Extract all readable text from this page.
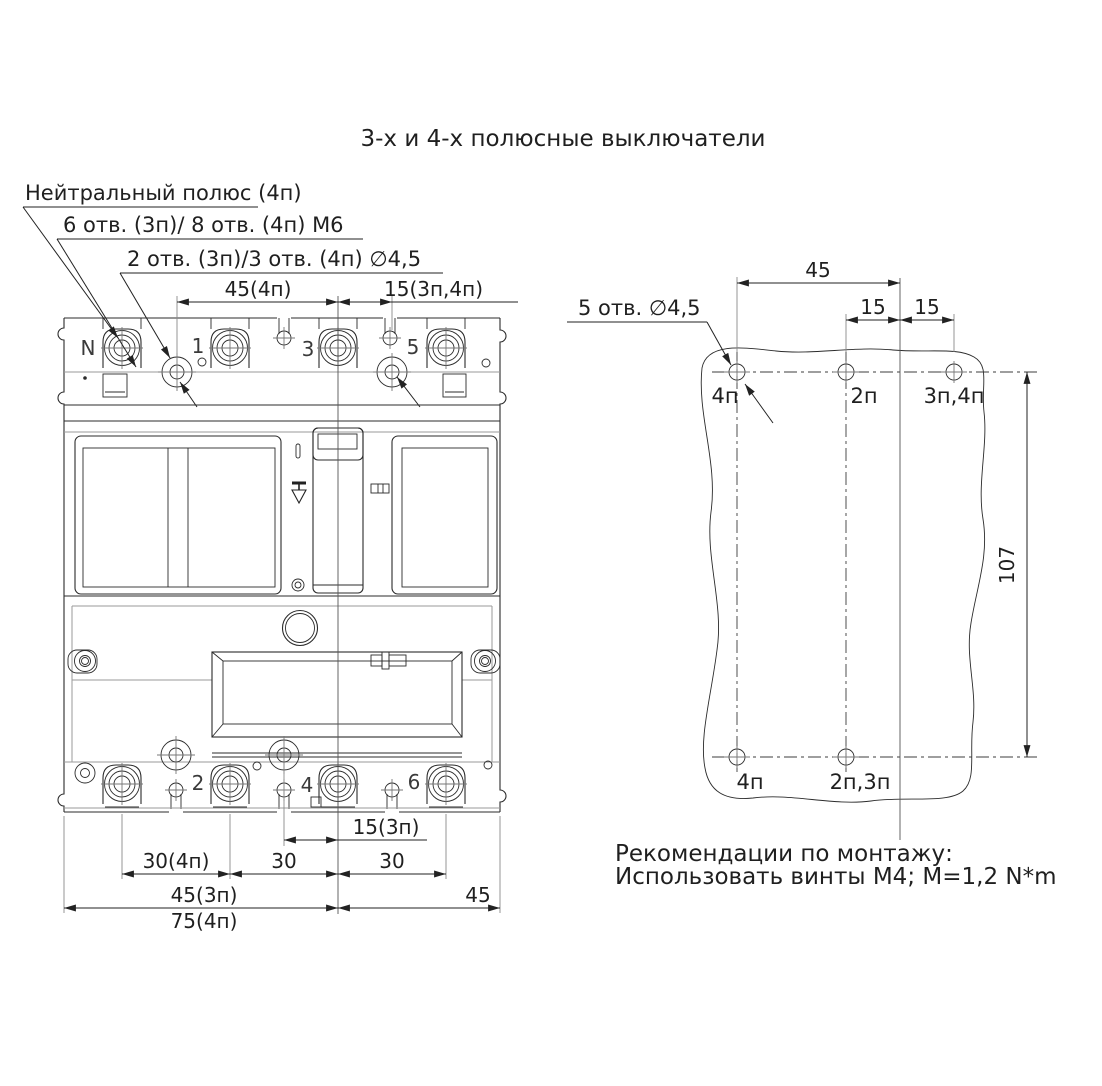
3-х и 4-х полюсные выключатели
N	1	3	5
2	4	6
45(4п)	15(3п,4п)
15(3п)
30(4п)	30	30
45(3п)	45
75(4п)
Нейтральный полюс (4п)
6 отв. (3п)/ 8 отв. (4п) М6
2 отв. (3п)/3 отв. (4п) ∅4,5	45
15 15
107
5 отв. ∅4,5
4п	2п 3п,4п
4п	2п,3п
Рекомендации по монтажу:
Использовать винты М4; М=1,2 N*m
